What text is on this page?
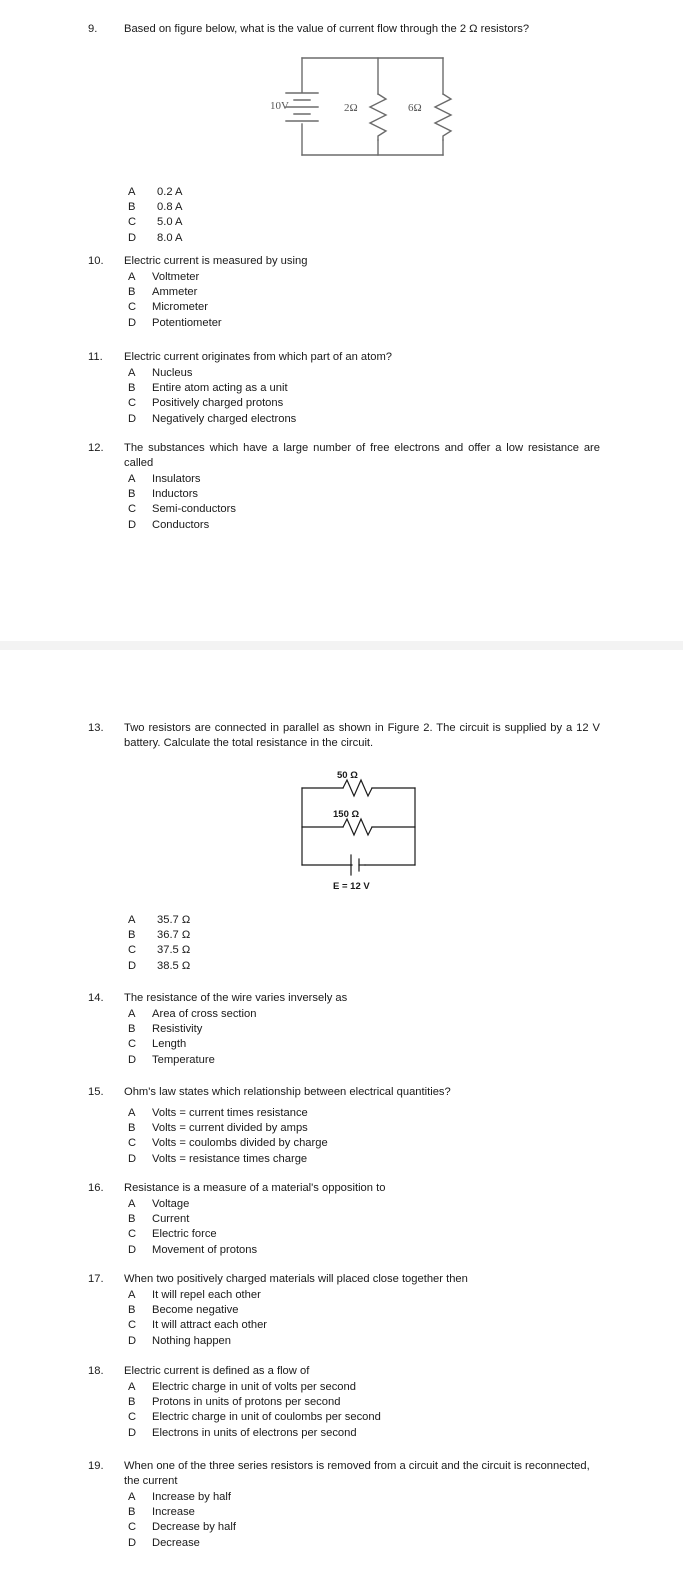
9.	Based on figure below, what is the value of current flow through the 2 Ω resistors?
10V	2Ω	6Ω
A	0.2 A
B	0.8 A
C	5.0 A
D	8.0 A
10.	Electric current is measured by using
A	Voltmeter
B	Ammeter
C	Micrometer
D	Potentiometer
11.	Electric current originates from which part of an atom?
A	Nucleus
B	Entire atom acting as a unit
C	Positively charged protons
D	Negatively charged electrons
12.	The substances which have a large number of free electrons and offer a low resistance are called
A	Insulators
B	Inductors
C	Semi-conductors
D	Conductors
13.	Two resistors are connected in parallel as shown in Figure 2. The circuit is supplied by a 12 V battery. Calculate the total resistance in the circuit.
50 Ω
150 Ω
E = 12 V
A	35.7 Ω
B	36.7 Ω
C	37.5 Ω
D	38.5 Ω
14.	The resistance of the wire varies inversely as
A	Area of cross section
B	Resistivity
C	Length
D	Temperature
15.	Ohm's law states which relationship between electrical quantities?
A	Volts = current times resistance
B	Volts = current divided by amps
C	Volts = coulombs divided by charge
D	Volts = resistance times charge
16.	Resistance is a measure of a material's opposition to
A	Voltage
B	Current
C	Electric force
D	Movement of protons
17.	When two positively charged materials will placed close together then
A	It will repel each other
B	Become negative
C	It will attract each other
D	Nothing happen
18.	Electric current is defined as a flow of
A	Electric charge in unit of volts per second
B	Protons in units of protons per second
C	Electric charge in unit of coulombs per second
D	Electrons in units of electrons per second
19.	When one of the three series resistors is removed from a circuit and the circuit is reconnected, the current
A	Increase by half
B	Increase
C	Decrease by half
D	Decrease
